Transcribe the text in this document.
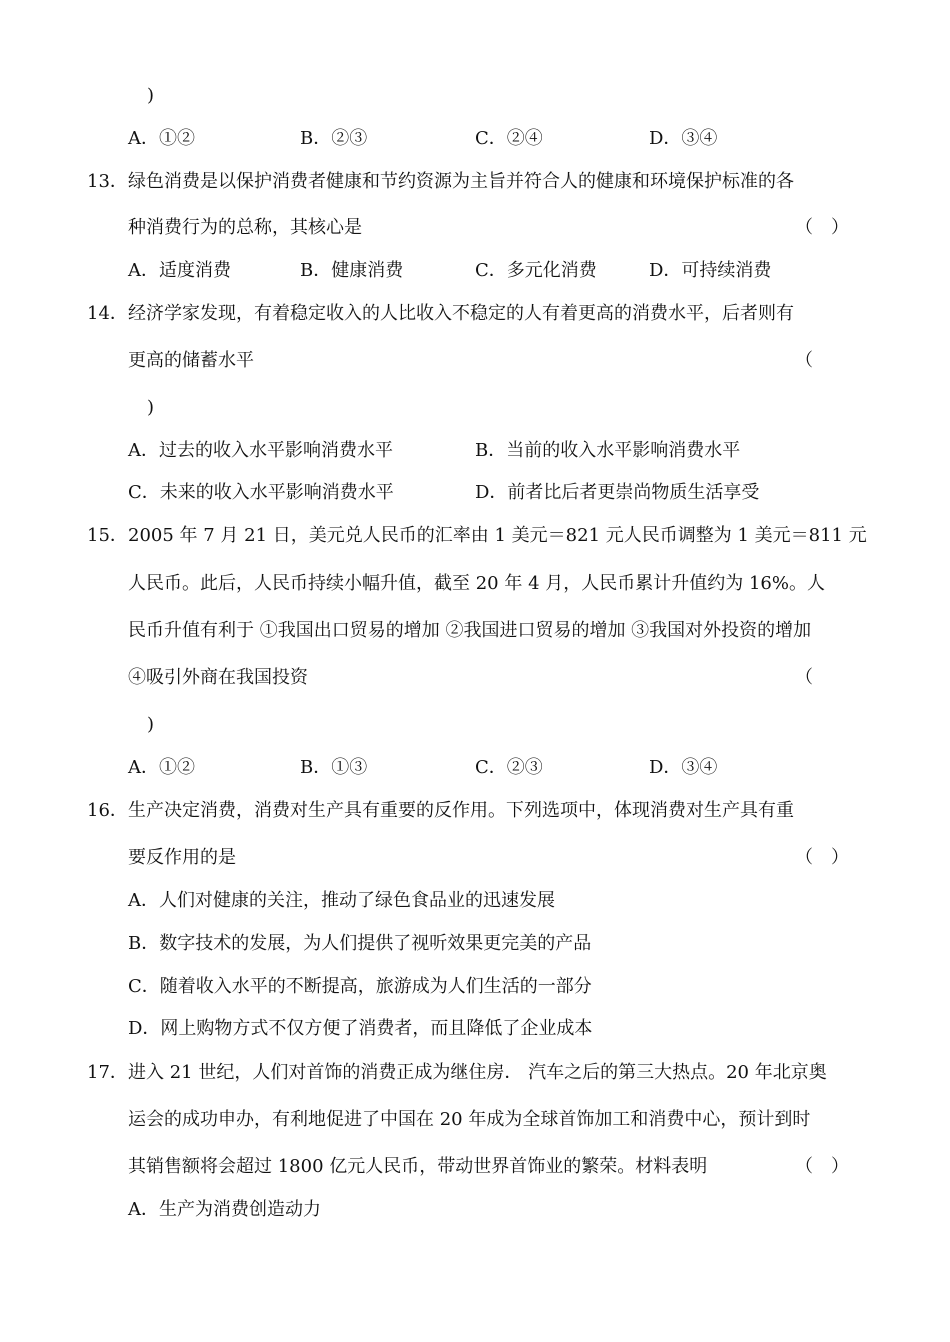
)
A．①②	B．②③	C．②④	D．③④
13． 绿色消费是以保护消费者健康和节约资源为主旨并符合人的健康和环境保护标准的各
种消费行为的总称，其核心是	（　）
A．适度消费	B．健康消费	C．多元化消费	D．可持续消费
14． 经济学家发现，有着稳定收入的人比收入不稳定的人有着更高的消费水平，后者则有
更高的储蓄水平	（
)
A．过去的收入水平影响消费水平	B．当前的收入水平影响消费水平
C．未来的收入水平影响消费水平	D．前者比后者更崇尚物质生活享受
15． 2005 年 7 月 21 日，美元兑人民币的汇率由 1 美元＝821 元人民币调整为 1 美元＝811 元
人民币。此后，人民币持续小幅升值，截至 20 年 4 月，人民币累计升值约为 16%。人
民币升值有利于 ①我国出口贸易的增加 ②我国进口贸易的增加 ③我国对外投资的增加
④吸引外商在我国投资	（
)
A．①②	B．①③	C．②③	D．③④
16． 生产决定消费，消费对生产具有重要的反作用。下列选项中，体现消费对生产具有重
要反作用的是	（　）
A．人们对健康的关注，推动了绿色食品业的迅速发展
B．数字技术的发展，为人们提供了视听效果更完美的产品
C．随着收入水平的不断提高，旅游成为人们生活的一部分
D．网上购物方式不仅方便了消费者，而且降低了企业成本
17． 进入 21 世纪，人们对首饰的消费正成为继住房． 汽车之后的第三大热点。20 年北京奥
运会的成功申办，有利地促进了中国在 20 年成为全球首饰加工和消费中心，预计到时
其销售额将会超过 1800 亿元人民币，带动世界首饰业的繁荣。材料表明	（　）
A．生产为消费创造动力
